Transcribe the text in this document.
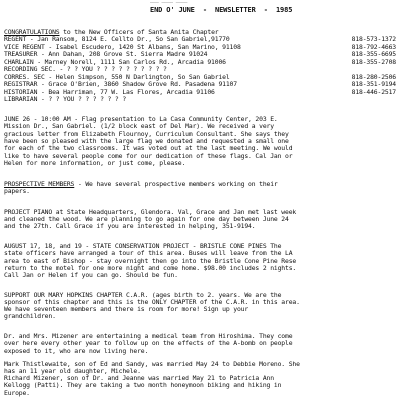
——— ———— ————
END O' JUNE  -  NEWSLETTER  -  1985
CONGRATULATIONS to the New Officers of Santa Anita Chapter
REGENT - Jan Ransom, 8124 E. Cellto Dr., So San Gabriel,91770	818-573-1372
VICE REGENT - Isabel Escudero, 1420 St Albans, San Marino, 91108	818-792-4663
TREASURER - Ann Dahan, 208 Grove St. Sierra Madre 91024	818-355-6695
CHARLAIN - Marney Norell, 1111 San Carlos Rd., Arcadia 91006	818-355-2708
RECORDING SEC. - ? ? YOU ? ? ? ? ? ? ? ? ? ?
CORRES. SEC - Helen Simpson, 550 N Darlington, So San Gabriel	818-280-2506
REGISTRAR - Grace O'Brien, 3860 Shadow Grove Rd. Pasadena 91107	818-351-9194
HISTORIAN - Bea Harriman, 77 W. Las Flores, Arcadia 91106	818-446-2517
LIBRARIAN - ? ? YOU ? ? ? ? ? ? ?
JUNE 26 - 10:00 AM - Flag presentation to La Casa Community Center, 203 E.
Mission Dr., San Gabriel. (1/2 block east of Del Mar). We received a very
gracious letter from Elizabeth Flournoy, Curriculum Consultant. She says they
have been so pleased with the large flag we donated and requested a small one
for each of the two classrooms. It was voted out at the last meeting. We would
like to have several people come for our dedication of these flags. Cal Jan or
Helen for more information, or just come, please.
PROSPECTIVE MEMBERS - We have several prospective members working on their
papers.
PROJECT PIANO at State Headquarters, Glendora. Val, Grace and Jan met last week
and cleaned the wood. We are planning to go again for one day between June 24
and the 27th. Call Grace if you are interested in helping, 351-9194.
AUGUST 17, 18, and 19 - STATE CONSERVATION PROJECT - BRISTLE CONE PINES The
state officers have arranged a tour of this area. Buses will leave from the LA
area to east of Bishop - stay overnight then go into the Bristle Cone Pine Rese
return to the motel for one more night and come home. $98.00 includes 2 nights.
Call Jan or Helen if you can go. Should be fun.
SUPPORT OUR MARY HOPKINS CHAPTER C.A.R. (ages birth to 2. years. We are the
sponsor of this chapter and this is the ONLY CHAPTER of the C.A.R. in this area.
We have seventeen members and there is room for more! Sign up your
grandchildren.
Dr. and Mrs. Mizener are entertaining a medical team from Hiroshima. They come
over here every other year to follow up on the effects of the A-bomb on people
exposed to it, who are now living here.
Mark Thistlewaite, son of Ed and Sandy, was married May 24 to Debbie Moreno. She
has an 11 year old daughter, Michele.
Richard Mizener, son of Dr. and Jeanne was married May 21 to Patricia Ann
Kellogg (Patti). They are taking a two month honeymoon biking and hiking in
Europe.
